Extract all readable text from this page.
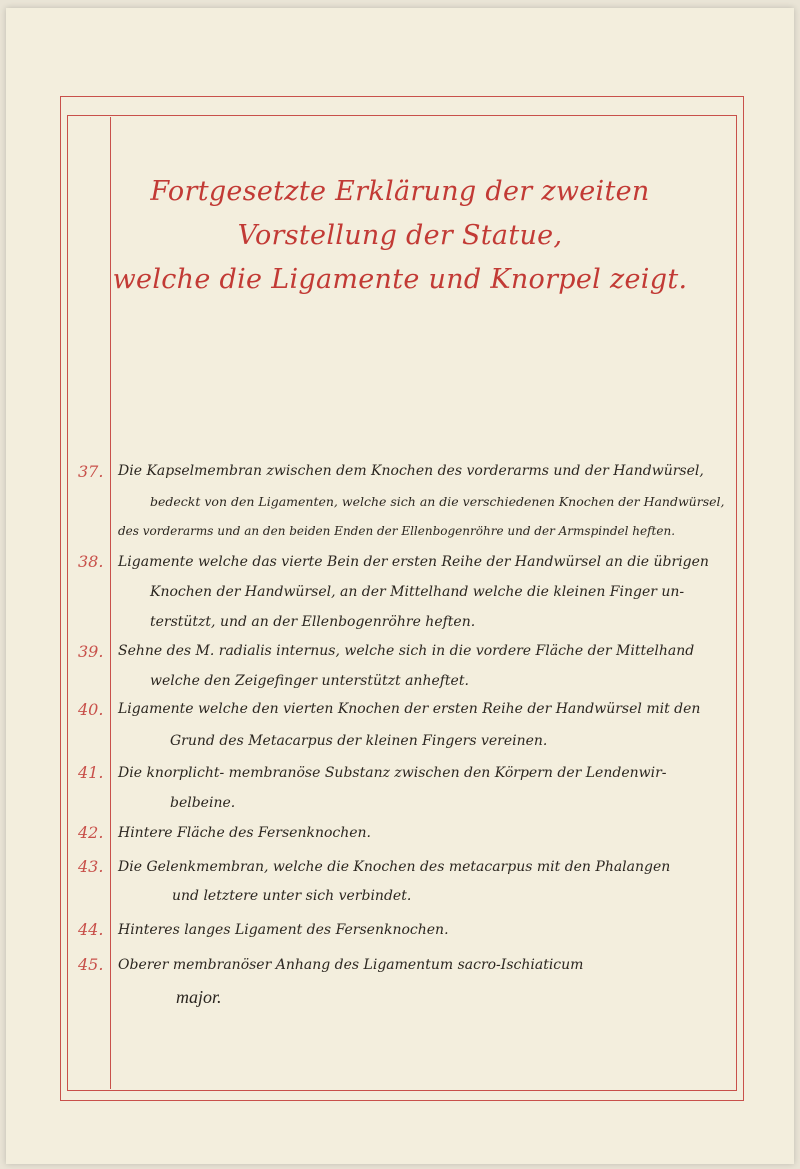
Fortgesetzte Erklärung der zweiten Vorstellung der Statue,
welche die Ligamente und Knorpel zeigt.
37.	Die Kapselmembran zwischen dem Knochen des vorderarms und der Handwürsel,
bedeckt von den Ligamenten, welche sich an die verschiedenen Knochen der Handwürsel,
des vorderarms und an den beiden Enden der Ellenbogenröhre und der Armspindel heften.
38.	Ligamente welche das vierte Bein der ersten Reihe der Handwürsel an die übrigen
Knochen der Handwürsel, an der Mittelhand welche die kleinen Finger un-
terstützt, und an der Ellenbogenröhre heften.
39.	Sehne des M. radialis internus, welche sich in die vordere Fläche der Mittelhand
welche den Zeigefinger unterstützt anheftet.
40.	Ligamente welche den vierten Knochen der ersten Reihe der Handwürsel mit den
Grund des Metacarpus der kleinen Fingers vereinen.
41.	Die knorplicht- membranöse Substanz zwischen den Körpern der Lendenwir-
belbeine.
42.	Hintere Fläche des Fersenknochen.
43.	Die Gelenkmembran, welche die Knochen des metacarpus mit den Phalangen
und letztere unter sich verbindet.
44.	Hinteres langes Ligament des Fersenknochen.
45.	Oberer membranöser Anhang des Ligamentum sacro-Ischiaticum
major.
